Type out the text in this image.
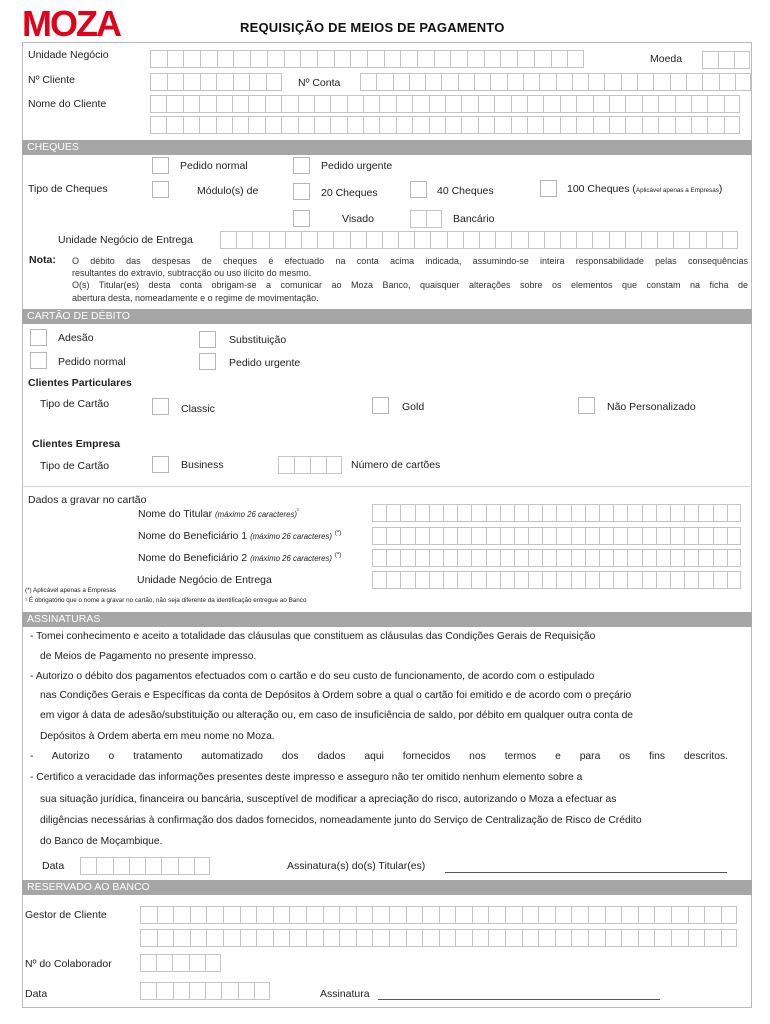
MOZA	REQUISIÇÃO DE MEIOS DE PAGAMENTO
Unidade Negócio	Moeda
Nº Cliente	Nº Conta
Nome do Cliente
CHEQUES
Pedido normal	Pedido urgente
Tipo de Cheques	Módulo(s) de	20 Cheques	40 Cheques	100 Cheques (Aplicável apenas a Empresas)
Visado	Bancário
Unidade Negócio de Entrega
Nota: O débito das despesas de cheques é efectuado na conta acima indicada, assumindo-se inteira responsabilidade pelas consequências
resultantes do extravio, subtracção ou uso ilícito do mesmo.
O(s) Titular(es) desta conta obrigam-se a comunicar ao Moza Banco, quaisquer alterações sobre os elementos que constam na ficha de
abertura desta, nomeadamente e o regime de movimentação.
CARTÃO DE DÉBITO
Adesão	Substituição
Pedido normal	Pedido urgente
Clientes Particulares
Tipo de Cartão	Classic	Gold	Não Personalizado
Clientes Empresa
Tipo de Cartão	Business	Número de cartões
Dados a gravar no cartão
Nome do Titular (máximo 26 caracteres)$^{^1}$
Nome do Beneficiário 1 (máximo 26 caracteres) (*)
Nome do Beneficiário 2 (máximo 26 caracteres) (*)
Unidade Negócio de Entrega
(*) Aplicável apenas a Empresas
¹ É obrigatório que o nome a gravar no cartão, não seja diferente da identificação entregue ao Banco
ASSINATURAS
- Tomei conhecimento e aceito a totalidade das cláusulas que constituem as cláusulas das Condições Gerais de Requisição
de Meios de Pagamento no presente impresso.
- Autorizo o débito dos pagamentos efectuados com o cartão e do seu custo de funcionamento, de acordo com o estipulado
nas Condições Gerais e Específicas da conta de Depósitos à Ordem sobre a qual o cartão foi emitido e de acordo com o preçário
em vigor á data de adesão/substituição ou alteração ou, em caso de insuficiência de saldo, por débito em qualquer outra conta de
Depósitos à Ordem aberta em meu nome no Moza.
- Autorizo o tratamento automatizado dos dados aqui fornecidos nos termos e para os fins descritos.
- Certifico a veracidade das informações presentes deste impresso e asseguro não ter omitido nenhum elemento sobre a
sua situação jurídica, financeira ou bancária, susceptível de modificar a apreciação do risco, autorizando o Moza a efectuar as
diligências necessárias à confirmação dos dados fornecidos, nomeadamente junto do Serviço de Centralização de Risco de Crédito
do Banco de Moçambique.
Data	Assinatura(s) do(s) Titular(es)
RESERVADO AO BANCO
Gestor de Cliente
Nº do Colaborador
Data	Assinatura
